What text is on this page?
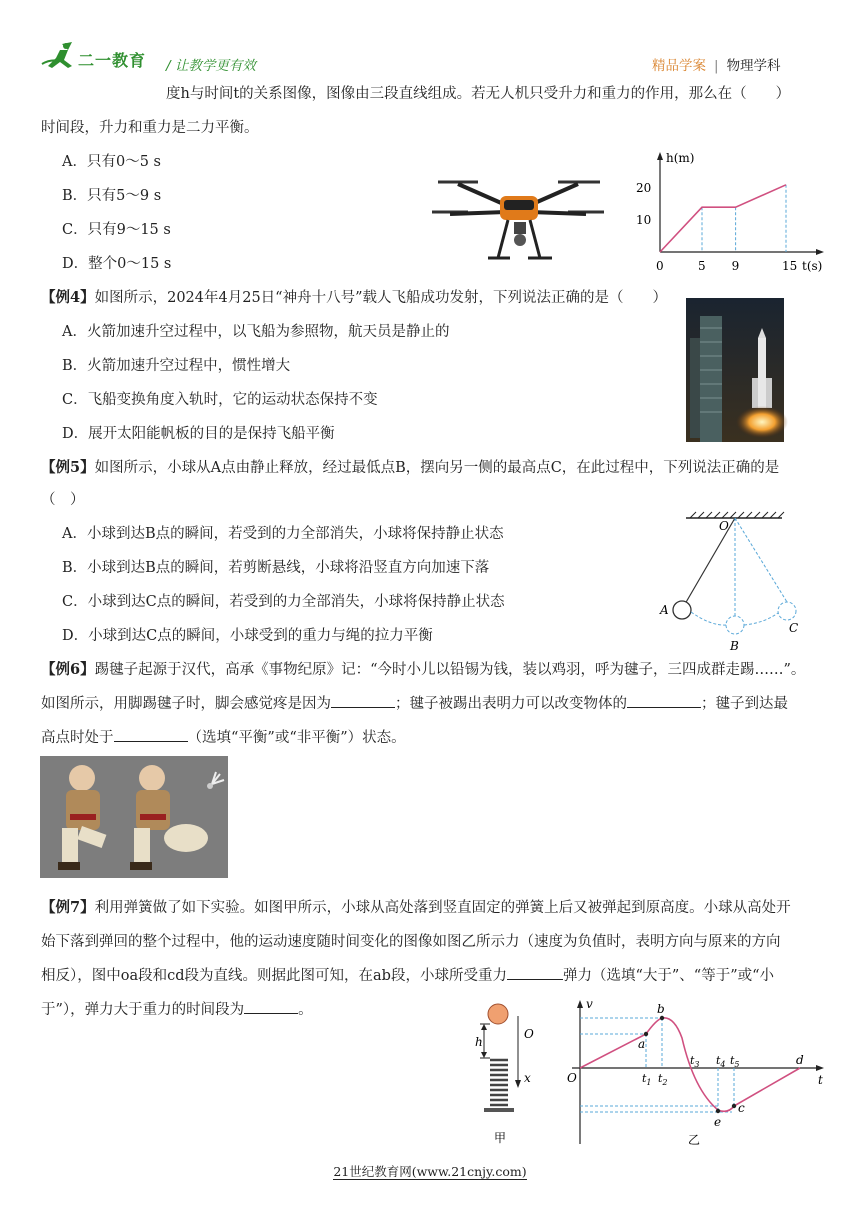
二一教育 / 让教学更有效	精品学案 | 物理学科
度h与时间t的关系图像，图像由三段直线组成。若无人机只受升力和重力的作用，那么在（　　）
时间段，升力和重力是二力平衡。
A．只有0～5 s
B．只有5～9 s
C．只有9～15 s
D．整个0～15 s
h(m)
t(s)
10
20
0	5 9	15
【例4】如图所示，2024年4月25日“神舟十八号”载人飞船成功发射，下列说法正确的是（　　）
A．火箭加速升空过程中，以飞船为参照物，航天员是静止的
B．火箭加速升空过程中，惯性增大
C．飞船变换角度入轨时，它的运动状态保持不变
D．展开太阳能帆板的目的是保持飞船平衡
【例5】如图所示，小球从A点由静止释放，经过最低点B，摆向另一侧的最高点C，在此过程中，下列说法正确的是
（　）
A．小球到达B点的瞬间，若受到的力全部消失，小球将保持静止状态
B．小球到达B点的瞬间，若剪断悬线，小球将沿竖直方向加速下落
C．小球到达C点的瞬间，若受到的力全部消失，小球将保持静止状态
D．小球到达C点的瞬间，小球受到的重力与绳的拉力平衡
O
A
B
C
【例6】踢毽子起源于汉代，高承《事物纪原》记：“今时小儿以铅锡为钱，装以鸡羽，呼为毽子，三四成群走踢……”。
如图所示，用脚踢毽子时，脚会感觉疼是因为	；毽子被踢出表明力可以改变物体的	；毽子到达最
高点时处于	（选填“平衡”或“非平衡”）状态。
【例7】利用弹簧做了如下实验。如图甲所示，小球从高处落到竖直固定的弹簧上后又被弹起到原高度。小球从高处开
始下落到弹回的整个过程中，他的运动速度随时间变化的图像如图乙所示力（速度为负值时，表明方向与原来的方向
相反），图中oa段和cd段为直线。则据此图可知，在ab段，小球所受重力	弹力（选填“大于”、“等于”或“小
于”），弹力大于重力的时间段为	。
h
O
x
甲
v
t
O
a
b
c
d
e
$t_1$ $t_2$
$t_3$ $t_4$ $t_5$
乙
21世纪教育网(www.21cnjy.com)
